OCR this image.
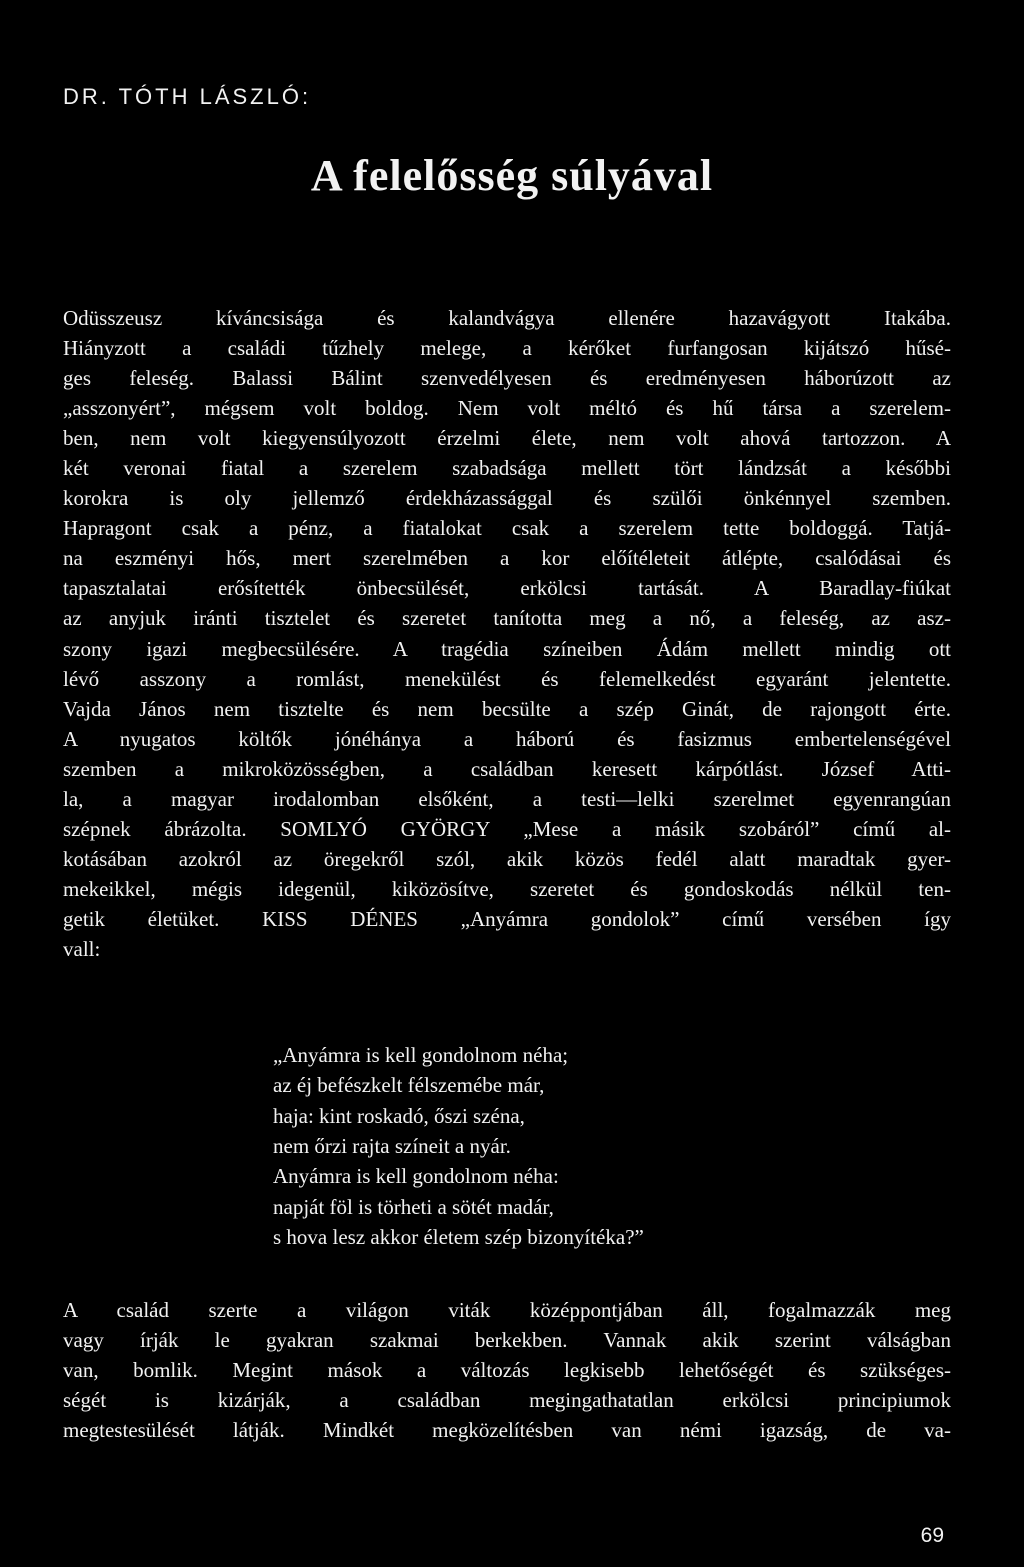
DR. TÓTH LÁSZLÓ:
A felelősség súlyával
Odüsszeusz kíváncsisága és kalandvágya ellenére hazavágyott Itakába.
Hiányzott a családi tűzhely melege, a kérőket furfangosan kijátszó hűsé-
ges feleség. Balassi Bálint szenvedélyesen és eredményesen háborúzott az
„asszonyért”, mégsem volt boldog. Nem volt méltó és hű társa a szerelem-
ben, nem volt kiegyensúlyozott érzelmi élete, nem volt ahová tartozzon. A
két veronai fiatal a szerelem szabadsága mellett tört lándzsát a későbbi
korokra is oly jellemző érdekházassággal és szülői önkénnyel szemben.
Hapragont csak a pénz, a fiatalokat csak a szerelem tette boldoggá. Tatjá-
na eszményi hős, mert szerelmében a kor előítéleteit átlépte, csalódásai és
tapasztalatai erősítették önbecsülését, erkölcsi tartását. A Baradlay-fiúkat
az anyjuk iránti tisztelet és szeretet tanította meg a nő, a feleség, az asz-
szony igazi megbecsülésére. A tragédia színeiben Ádám mellett mindig ott
lévő asszony a romlást, menekülést és felemelkedést egyaránt jelentette.
Vajda János nem tisztelte és nem becsülte a szép Ginát, de rajongott érte.
A nyugatos költők jónéhánya a háború és fasizmus embertelenségével
szemben a mikroközösségben, a családban keresett kárpótlást. József Atti-
la, a magyar irodalomban elsőként, a testi—lelki szerelmet egyenrangúan
szépnek ábrázolta. SOMLYÓ GYÖRGY „Mese a másik szobáról” című al-
kotásában azokról az öregekről szól, akik közös fedél alatt maradtak gyer-
mekeikkel, mégis idegenül, kiközösítve, szeretet és gondoskodás nélkül ten-
getik életüket. KISS DÉNES „Anyámra gondolok” című versében így
vall:
„Anyámra is kell gondolnom néha;
az éj befészkelt félszemébe már,
haja: kint roskadó, őszi széna,
nem őrzi rajta színeit a nyár.
Anyámra is kell gondolnom néha:
napját föl is törheti a sötét madár,
s hova lesz akkor életem szép bizonyítéka?”
A család szerte a világon viták középpontjában áll, fogalmazzák meg
vagy írják le gyakran szakmai berkekben. Vannak akik szerint válságban
van, bomlik. Megint mások a változás legkisebb lehetőségét és szükséges-
ségét is kizárják, a családban megingathatatlan erkölcsi principiumok
megtestesülését látják. Mindkét megközelítésben van némi igazság, de va-
69
